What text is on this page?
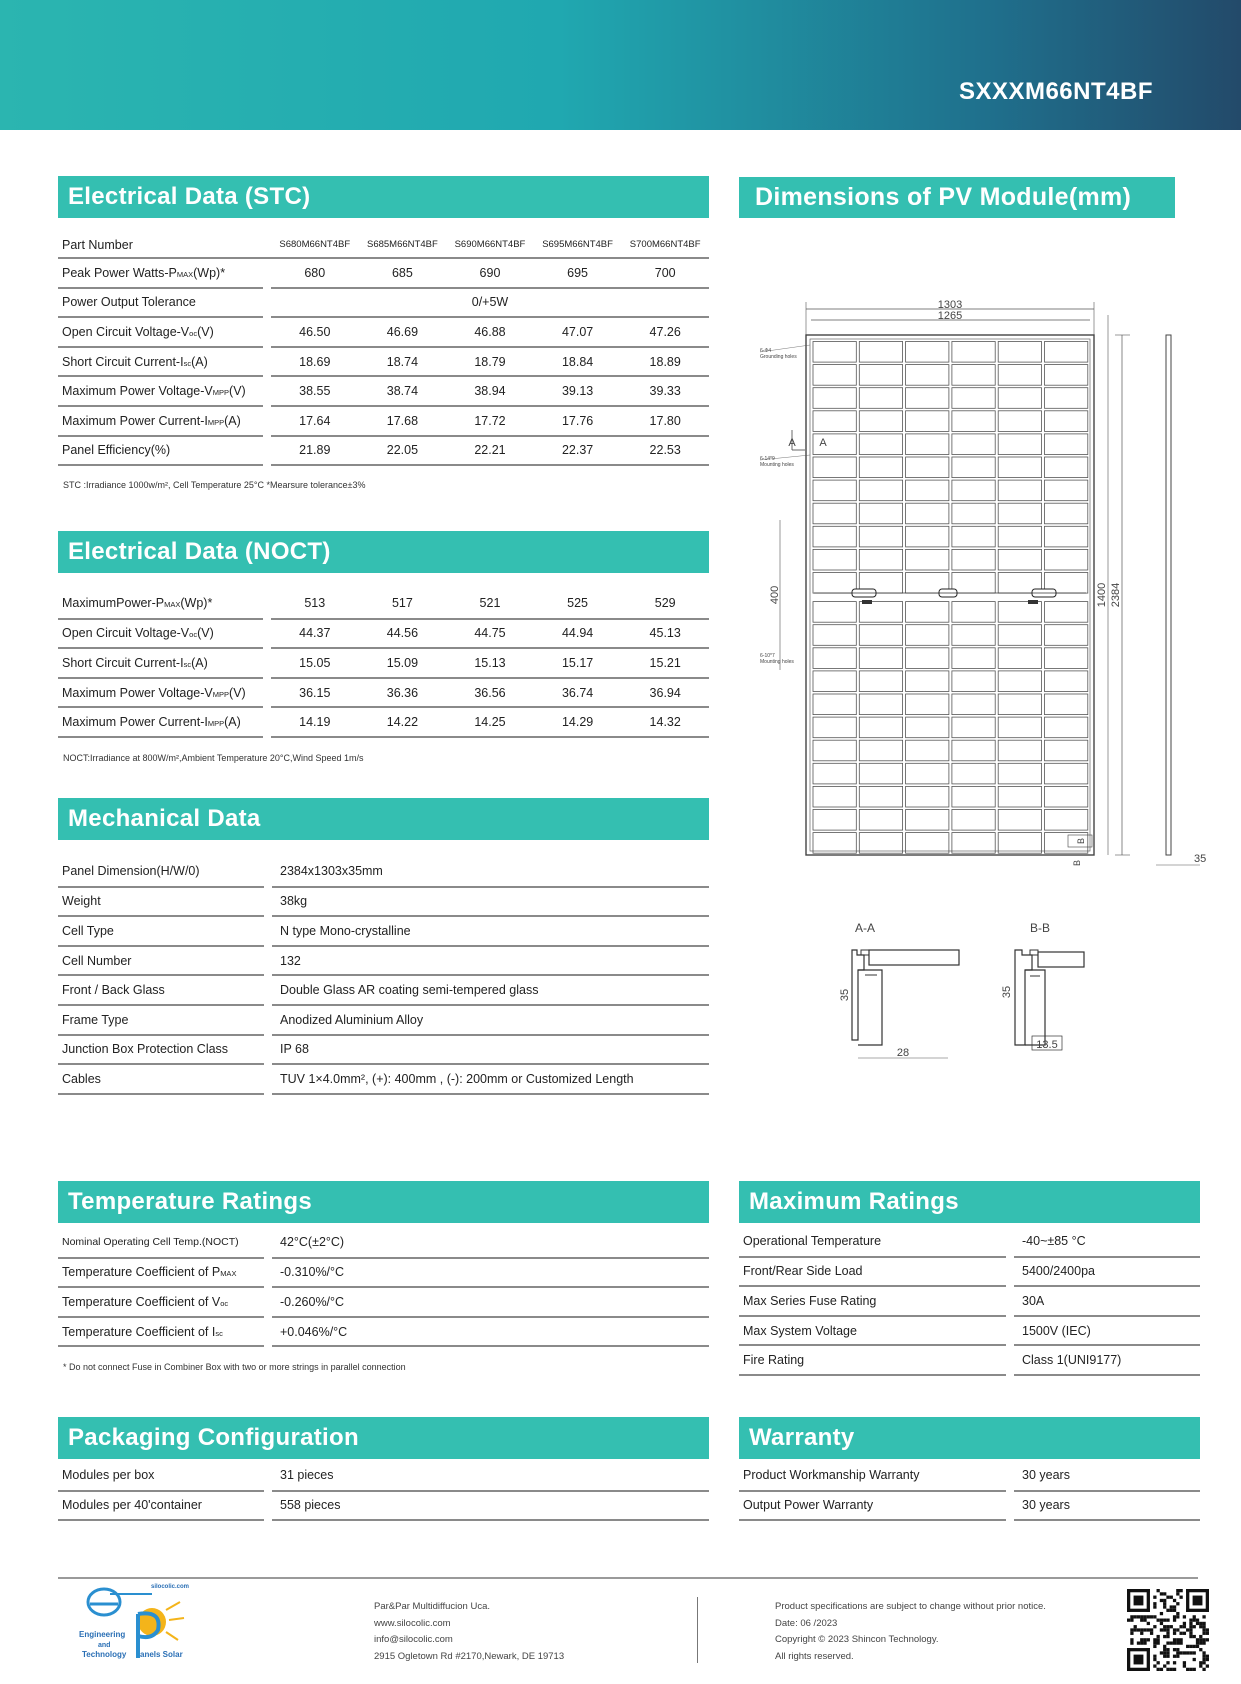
SXXXM66NT4BF
Electrical Data (STC)
Part Number		S680M66NT4BF	S685M66NT4BF	S690M66NT4BF	S695M66NT4BF	S700M66NT4BF
Peak Power Watts-PMAX(Wp)*		680	685	690	695	700
Power Output Tolerance		0/+5W				
Open Circuit Voltage-Voc(V)		46.50	46.69	46.88	47.07	47.26
Short Circuit Current-Isc(A)		18.69	18.74	18.79	18.84	18.89
Maximum Power Voltage-VMPP(V)		38.55	38.74	38.94	39.13	39.33
Maximum Power Current-IMPP(A)		17.64	17.68	17.72	17.76	17.80
Panel Efficiency(%)		21.89	22.05	22.21	22.37	22.53
STC :Irradiance 1000w/m², Cell Temperature 25°C *Mearsure tolerance±3%
Electrical Data (NOCT)
MaximumPower-PMAX(Wp)*		513	517	521	525	529
Open Circuit Voltage-Voc(V)		44.37	44.56	44.75	44.94	45.13
Short Circuit Current-Isc(A)		15.05	15.09	15.13	15.17	15.21
Maximum Power Voltage-VMPP(V)		36.15	36.36	36.56	36.74	36.94
Maximum Power Current-IMPP(A)		14.19	14.22	14.25	14.29	14.32
NOCT:Irradiance at 800W/m²,Ambient Temperature 20°C,Wind Speed 1m/s
Mechanical Data
Panel Dimension(H/W/0)		2384x1303x35mm
Weight		38kg
Cell Type		N type Mono-crystalline
Cell Number		132
Front / Back Glass		Double Glass AR coating semi-tempered glass
Frame Type		Anodized Aluminium Alloy
Junction Box Protection Class		IP 68
Cables		TUV 1×4.0mm², (+): 400mm , (-): 200mm or Customized Length
Temperature Ratings
Nominal Operating Cell Temp.(NOCT)		42°C(±2°C)
Temperature Coefficient of PMAX		-0.310%/°C
Temperature Coefficient of Voc		-0.260%/°C
Temperature Coefficient of Isc		+0.046%/°C
* Do not connect Fuse in Combiner Box with two or more strings in parallel connection
Maximum Ratings
Operational Temperature		-40~±85 °C
Front/Rear Side Load		5400/2400pa
Max Series Fuse Rating		30A
Max System Voltage		1500V (IEC)
Fire Rating		Class 1(UNI9177)
Packaging Configuration
Modules per box		31 pieces
Modules per 40'container		558 pieces
Warranty
Product Workmanship Warranty		30 years
Output Power Warranty		30 years
Dimensions of PV Module(mm)
1303
1265
1400 2384
400
6-Φ4
Grounding holes
6-14*9
Mounting holes
6-10*7
Mounting holes
A A
B
B
35
A-A
35
28
B-B
35
13.5
silocolic.com
Engineering
and
Technology anels Solar
Par&Par Multidiffucion Uca.
www.silocolic.com
info@silocolic.com
2915 Ogletown Rd #2170,Newark, DE 19713
Product specifications are subject to change without prior notice.
Date: 06 /2023
Copyright © 2023 Shincon Technology.
All rights reserved.
